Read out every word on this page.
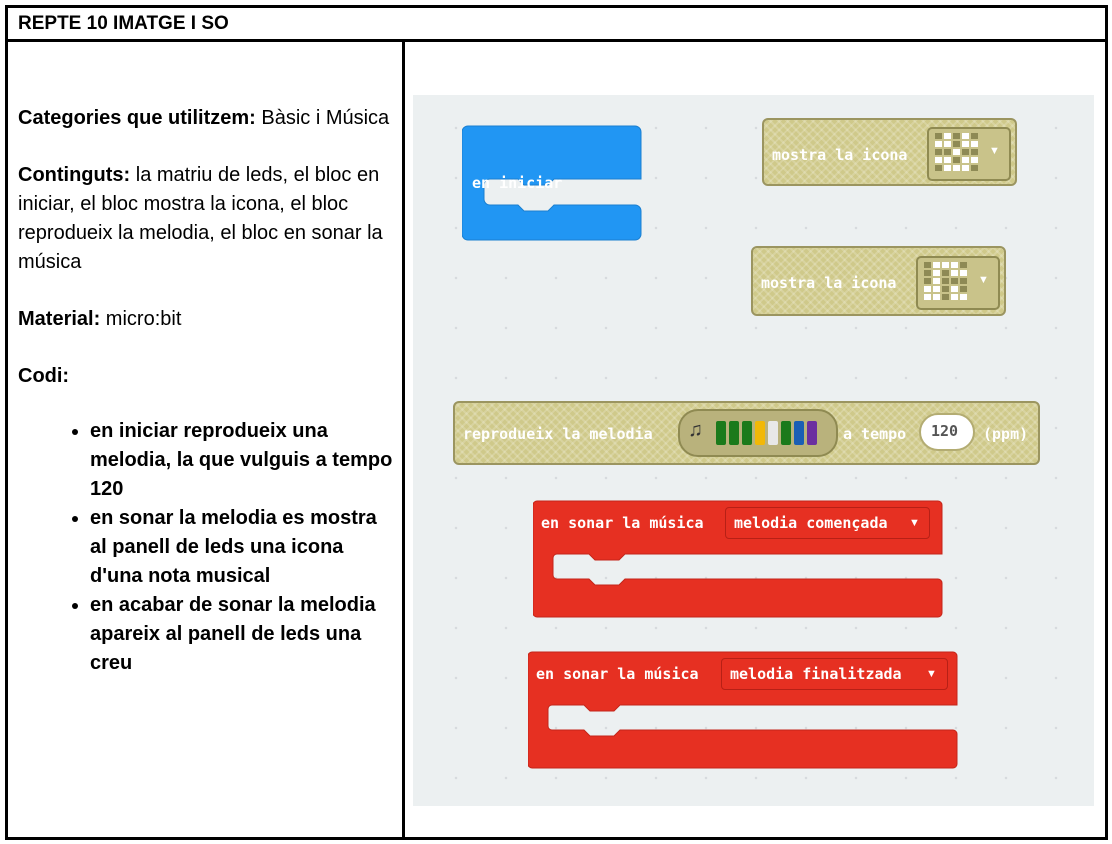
REPTE 10 IMATGE I SO

Categories que utilitzem: Bàsic i Música

Continguts: la matriu de leds, el bloc en iniciar, el bloc mostra la icona, el bloc reprodueix la melodia, el bloc en sonar la música

Material: micro:bit

Codi:

• en iniciar reprodueix una melodia, la que vulguis a tempo 120
• en sonar la melodia es mostra al panell de leds una icona d'una nota musical
• en acabar de sonar la melodia apareix al panell de leds una creu
en iniciar
mostra la icona	▼
mostra la icona	▼
reprodueix la melodia ♫	a tempo 120 (ppm)
en sonar la música melodia començada ▼
en sonar la música melodia finalitzada ▼
